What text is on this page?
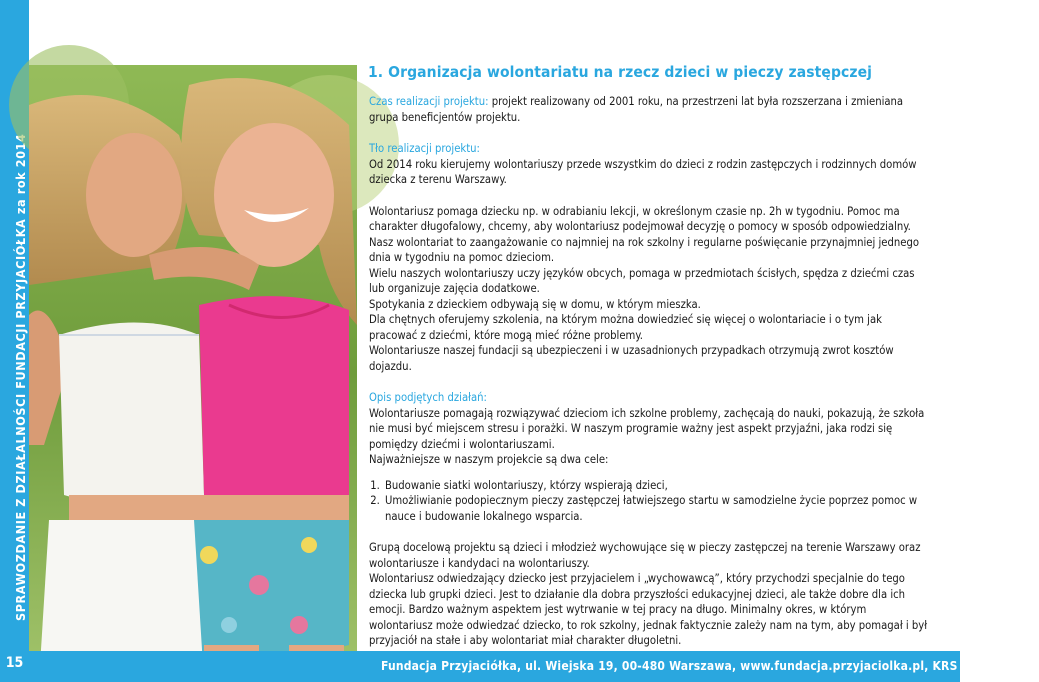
SPRAWOZDANIE Z DZIAŁALNOŚCI FUNDACJI PRZYJACIÓŁKA za rok 2014
1. Organizacja wolontariatu na rzecz dzieci w pieczy zastępczej

Czas realizacji projektu: projekt realizowany od 2001 roku, na przestrzeni lat była rozszerzana i zmieniana grupa beneficjentów projektu.

Tło realizacji projektu:

Od 2014 roku kierujemy wolontariuszy przede wszystkim do dzieci z rodzin zastępczych i rodzinnych domów dziecka z terenu Warszawy.

Wolontariusz pomaga dziecku np. w odrabianiu lekcji, w określonym czasie np. 2h w tygodniu. Pomoc ma charakter długofalowy, chcemy, aby wolontariusz podejmował decyzję o pomocy w sposób odpowiedzialny.

Nasz wolontariat to zaangażowanie co najmniej na rok szkolny i regularne poświęcanie przynajmniej jednego dnia w tygodniu na pomoc dzieciom.

Wielu naszych wolontariuszy uczy języków obcych, pomaga w przedmiotach ścisłych, spędza z dziećmi czas lub organizuje zajęcia dodatkowe.

Spotykania z dzieckiem odbywają się w domu, w którym mieszka.

Dla chętnych oferujemy szkolenia, na którym można dowiedzieć się więcej o wolontariacie i o tym jak pracować z dziećmi, które mogą mieć różne problemy.

Wolontariusze naszej fundacji są ubezpieczeni i w uzasadnionych przypadkach otrzymują zwrot kosztów dojazdu.

Opis podjętych działań:

Wolontariusze pomagają rozwiązywać dzieciom ich szkolne problemy, zachęcają do nauki, pokazują, że szkoła nie musi być miejscem stresu i porażki. W naszym programie ważny jest aspekt przyjaźni, jaka rodzi się pomiędzy dziećmi i wolontariuszami.

Najważniejsze w naszym projekcie są dwa cele:

1. Budowanie siatki wolontariuszy, którzy wspierają dzieci,
2. Umożliwianie podopiecznym pieczy zastępczej łatwiejszego startu w samodzielne życie poprzez pomoc w nauce i budowanie lokalnego wsparcia.

Grupą docelową projektu są dzieci i młodzież wychowujące się w pieczy zastępczej na terenie Warszawy oraz wolontariusze i kandydaci na wolontariuszy.

Wolontariusz odwiedzający dziecko jest przyjacielem i „wychowawcą”, który przychodzi specjalnie do tego dziecka lub grupki dzieci. Jest to działanie dla dobra przyszłości edukacyjnej dzieci, ale także dobre dla ich emocji. Bardzo ważnym aspektem jest wytrwanie w tej pracy na długo. Minimalny okres, w którym wolontariusz może odwiedzać dziecko, to rok szkolny, jednak faktycznie zależy nam na tym, aby pomagał i był przyjaciół na stałe i aby wolontariat miał charakter długoletni.

15	Fundacja Przyjaciółka, ul. Wiejska 19, 00-480 Warszawa, www.fundacja.przyjaciolka.pl, KRS 0000074781
